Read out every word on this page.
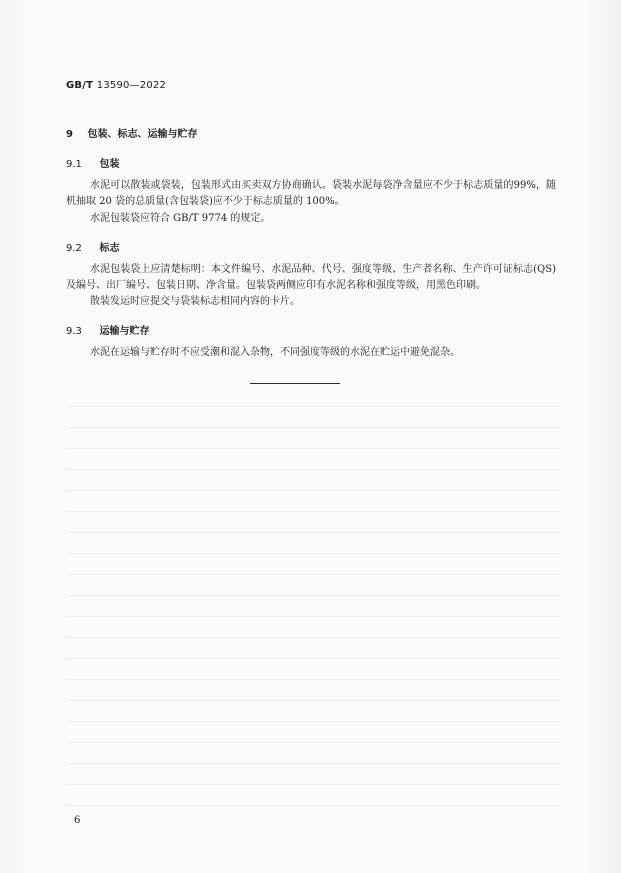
GB/T 13590—2022
9 包装、标志、运输与贮存
9.1 包装
水泥可以散装或袋装，包装形式由买卖双方协商确认。袋装水泥每袋净含量应不少于标志质量的99%，随机抽取 20 袋的总质量(含包装袋)应不少于标志质量的 100%。
水泥包装袋应符合 GB/T 9774 的规定。
9.2 标志
水泥包装袋上应清楚标明：本文件编号、水泥品种、代号、强度等级、生产者名称、生产许可证标志(QS)及编号、出厂编号、包装日期、净含量。包装袋两侧应印有水泥名称和强度等级，用黑色印刷。
散装发运时应提交与袋装标志相同内容的卡片。
9.3 运输与贮存
水泥在运输与贮存时不应受潮和混入杂物，不同强度等级的水泥在贮运中避免混杂。
6
